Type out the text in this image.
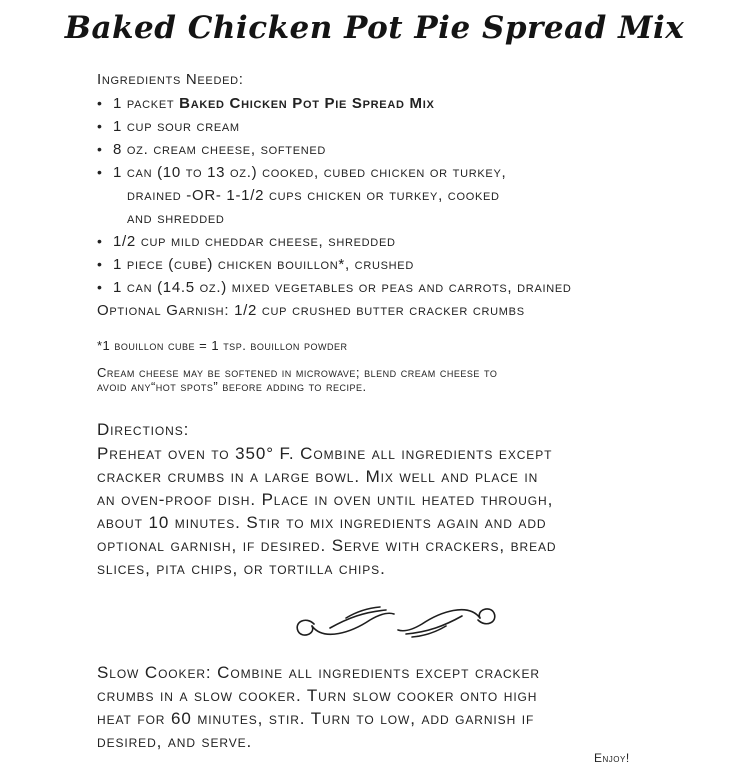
Baked Chicken Pot Pie Spread Mix
Ingredients Needed:
• 1 packet Baked Chicken Pot Pie Spread Mix
• 1 cup sour cream
• 8 oz. cream cheese, softened
• 1 can (10 to 13 oz.) cooked, cubed chicken or turkey,
drained -OR- 1-1/2 cups chicken or turkey, cooked
and shredded
• 1/2 cup mild cheddar cheese, shredded
• 1 piece (cube) chicken bouillon*, crushed
• 1 can (14.5 oz.) mixed vegetables or peas and carrots, drained
Optional Garnish: 1/2 cup crushed butter cracker crumbs
*1 bouillon cube = 1 tsp. bouillon powder
Cream cheese may be softened in microwave; blend cream cheese to
avoid any“hot spots” before adding to recipe.
Directions:
Preheat oven to 350° F. Combine all ingredients except
cracker crumbs in a large bowl. Mix well and place in
an oven-proof dish. Place in oven until heated through,
about 10 minutes. Stir to mix ingredients again and add
optional garnish, if desired. Serve with crackers, bread
slices, pita chips, or tortilla chips.
Slow Cooker: Combine all ingredients except cracker
crumbs in a slow cooker. Turn slow cooker onto high
heat for 60 minutes, stir. Turn to low, add garnish if
desired, and serve.
Enjoy!
